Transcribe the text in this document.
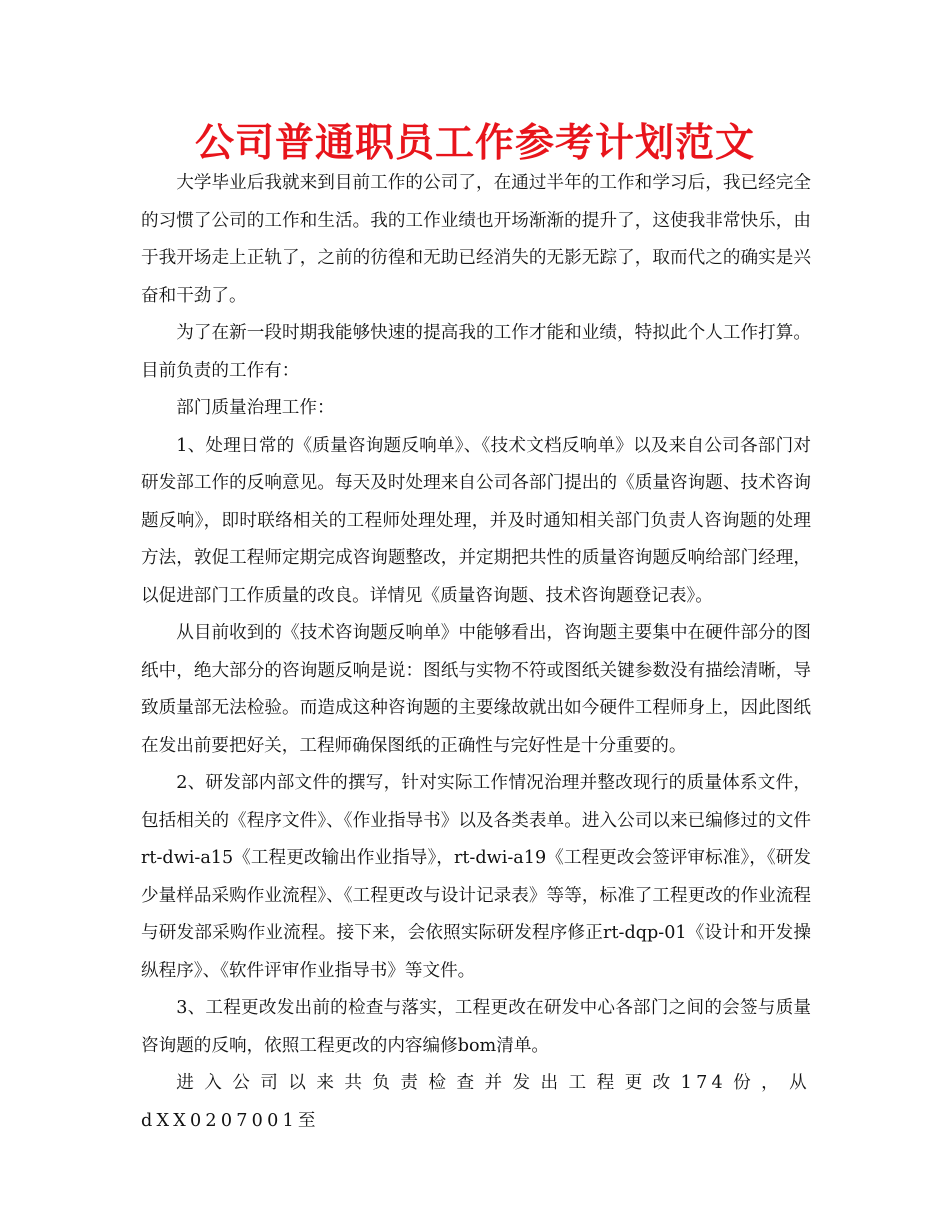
公司普通职员工作参考计划范文

大学毕业后我就来到目前工作的公司了，在通过半年的工作和学习后，我已经完全的习惯了公司的工作和生活。我的工作业绩也开场渐渐的提升了，这使我非常快乐，由于我开场走上正轨了，之前的彷徨和无助已经消失的无影无踪了，取而代之的确实是兴奋和干劲了。

为了在新一段时期我能够快速的提高我的工作才能和业绩，特拟此个人工作打算。目前负责的工作有：

部门质量治理工作：

1、处理日常的《质量咨询题反响单》、《技术文档反响单》以及来自公司各部门对研发部工作的反响意见。每天及时处理来自公司各部门提出的《质量咨询题、技术咨询题反响》，即时联络相关的工程师处理处理，并及时通知相关部门负责人咨询题的处理方法，敦促工程师定期完成咨询题整改，并定期把共性的质量咨询题反响给部门经理，以促进部门工作质量的改良。详情见《质量咨询题、技术咨询题登记表》。

从目前收到的《技术咨询题反响单》中能够看出，咨询题主要集中在硬件部分的图纸中，绝大部分的咨询题反响是说：图纸与实物不符或图纸关键参数没有描绘清晰，导致质量部无法检验。而造成这种咨询题的主要缘故就出如今硬件工程师身上，因此图纸在发出前要把好关，工程师确保图纸的正确性与完好性是十分重要的。

2、研发部内部文件的撰写，针对实际工作情况治理并整改现行的质量体系文件，包括相关的《程序文件》、《作业指导书》以及各类表单。进入公司以来已编修过的文件rt-dwi-a15《工程更改输出作业指导》，rt-dwi-a19《工程更改会签评审标准》，《研发少量样品采购作业流程》、《工程更改与设计记录表》等等，标准了工程更改的作业流程与研发部采购作业流程。接下来，会依照实际研发程序修正rt-dqp-01《设计和开发操纵程序》、《软件评审作业指导书》等文件。

3、工程更改发出前的检查与落实，工程更改在研发中心各部门之间的会签与质量咨询题的反响，依照工程更改的内容编修bom清单。

进入公司以来共负责检查并发出工程更改174份，从dXX0207001至
